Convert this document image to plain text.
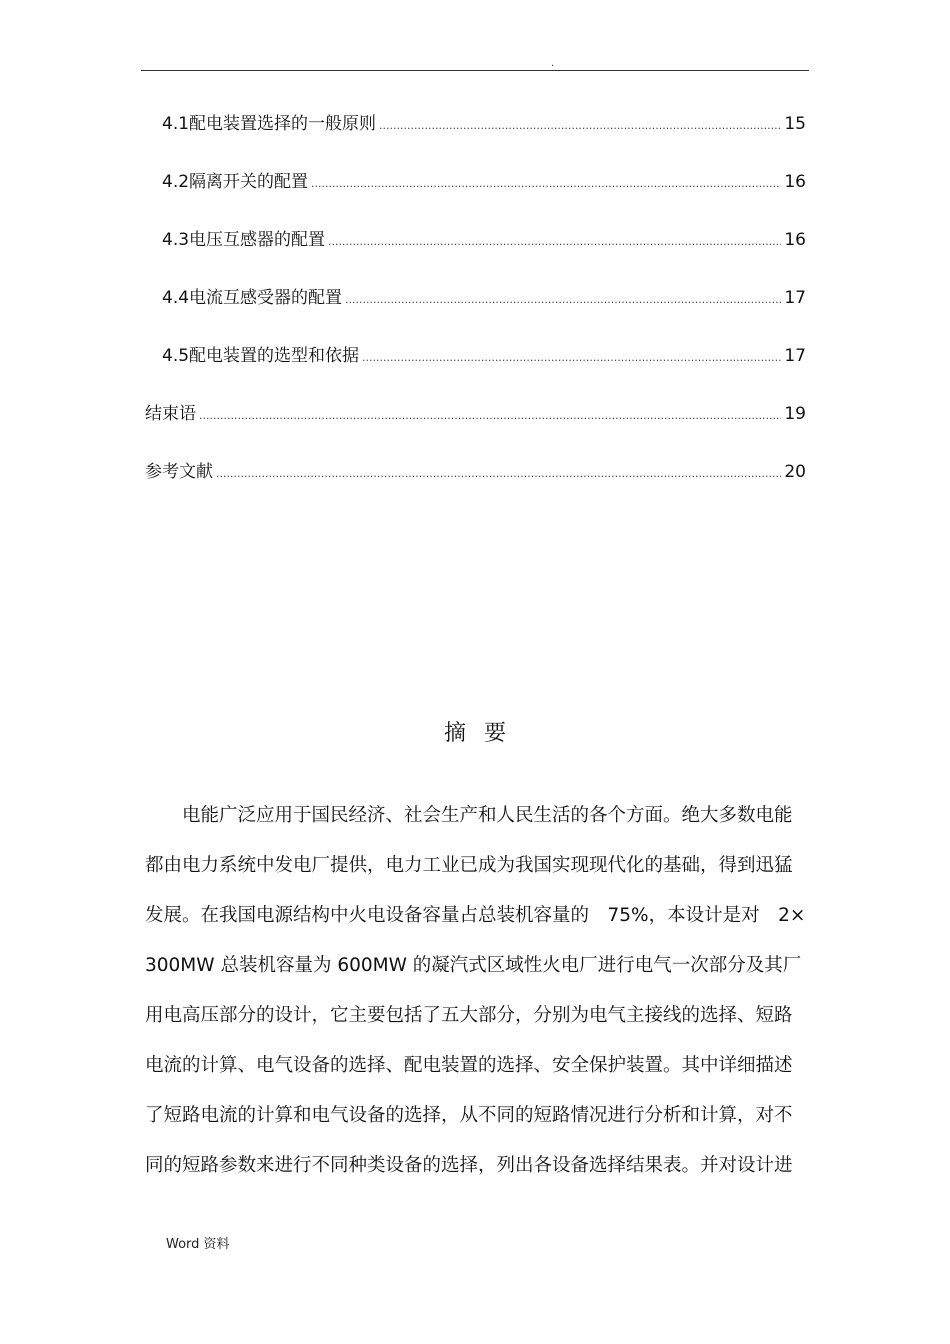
.
4.1 配电装置选择的一般原则 .....	15
4.2 隔离开关的配置 .....	16
4.3 电压互感器的配置 .....	16
4.4 电流互感受器的配置 .....	17
4.5 配电装置的选型和依据 .....	17
结束语 .....	19
参考文献 .....	20
摘要
电能广泛应用于国民经济、社会生产和人民生活的各个方面。绝大多数电能
都由电力系统中发电厂提供，电力工业已成为我国实现现代化的基础，得到迅猛
发展。在我国电源结构中火电设备容量占总装机容量的　75%，本设计是对　2×
300MW 总装机容量为 600MW 的凝汽式区域性火电厂进行电气一次部分及其厂
用电高压部分的设计，它主要包括了五大部分，分别为电气主接线的选择、短路
电流的计算、电气设备的选择、配电装置的选择、安全保护装置。其中详细描述
了短路电流的计算和电气设备的选择，从不同的短路情况进行分析和计算，对不
同的短路参数来进行不同种类设备的选择，列出各设备选择结果表。并对设计进
Word 资料
